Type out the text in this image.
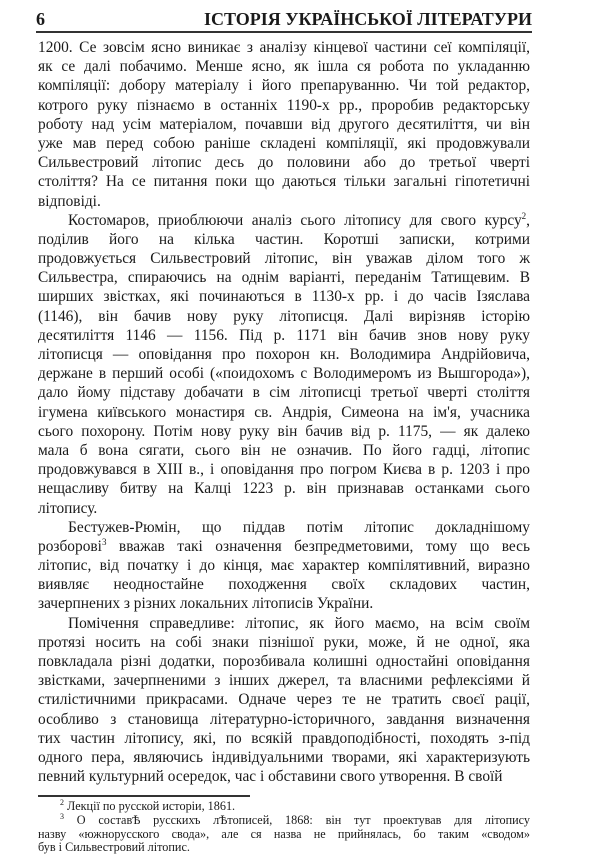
6	ІСТОРІЯ УКРАЇНСЬКОЇ ЛІТЕРАТУРИ
1200. Се зовсім ясно виникає з аналізу кінцевої частини сеї компіляції,
як се далі побачимо. Менше ясно, як ішла ся робота по укладанню
компіляції: добору матеріалу і його препаруванню. Чи той редактор,
котрого руку пізнаємо в останніх 1190-х рр., проробив редакторську
роботу над усім матеріалом, почавши від другого десятиліття, чи він
уже мав перед собою раніше складені компіляції, які продовжували
Сильвестровий літопис десь до половини або до третьої чверті
століття? На се питання поки що даються тільки загальні гіпотетичні
відповіді.
Костомаров, приоблюючи аналіз сього літопису для свого курсу$^2$,
поділив його на кілька частин. Коротші записки, котрими
продовжується Сильвестровий літопис, він уважав ділом того ж
Сильвестра, спираючись на однім варіанті, переданім Татищевим. В
ширших звістках, які починаються в 1130-х рр. і до часів Ізяслава
(1146), він бачив нову руку літописця. Далі вирізняв історію
десятиліття 1146 — 1156. Під р. 1171 він бачив знов нову руку
літописця — оповідання про похорон кн. Володимира Андрійовича,
держане в перший особі («поидохомъ с Володимеромъ из Вышгорода»),
дало йому підставу добачати в сім літописці третьої чверті століття
ігумена київського монастиря св. Андрія, Симеона на ім'я, учасника
сього похорону. Потім нову руку він бачив від р. 1175, — як далеко
мала б вона сягати, сього він не означив. По його гадці, літопис
продовжувався в XIII в., і оповідання про погром Києва в р. 1203 і про
нещасливу битву на Калці 1223 р. він признавав останками сього
літопису.
Бестужев-Рюмін, що піддав потім літопис докладнішому
розборові$^3$ вважав такі означення безпредметовими, тому що весь
літопис, від початку і до кінця, має характер компілятивний, виразно
виявляє неодностайне походження своїх складових частин,
зачерпнених з різних локальних літописів України.
Помічення справедливе: літопис, як його маємо, на всім своїм
протязі носить на собі знаки пізнішої руки, може, й не одної, яка
повкладала різні додатки, порозбивала колишні одностайні оповідання
звістками, зачерпненими з інших джерел, та власними рефлексіями й
стилістичними прикрасами. Одначе через те не тратить своєї рації,
особливо з становища літературно-історичного, завдання визначення
тих частин літопису, які, по всякій правдоподібності, походять з-під
одного пера, являючись індивідуальними творами, які характеризують
певний культурний осередок, час і обставини свого утворення. В своїй
$^2$ Лекції по русской исторіи, 1861.
$^3$ О составѢ русскихъ лѢтописей, 1868: він тут проектував для літопису
назву «южнорусского свода», але ся назва не прийнялась, бо таким «сводом»
був і Сильвестровий літопис.
